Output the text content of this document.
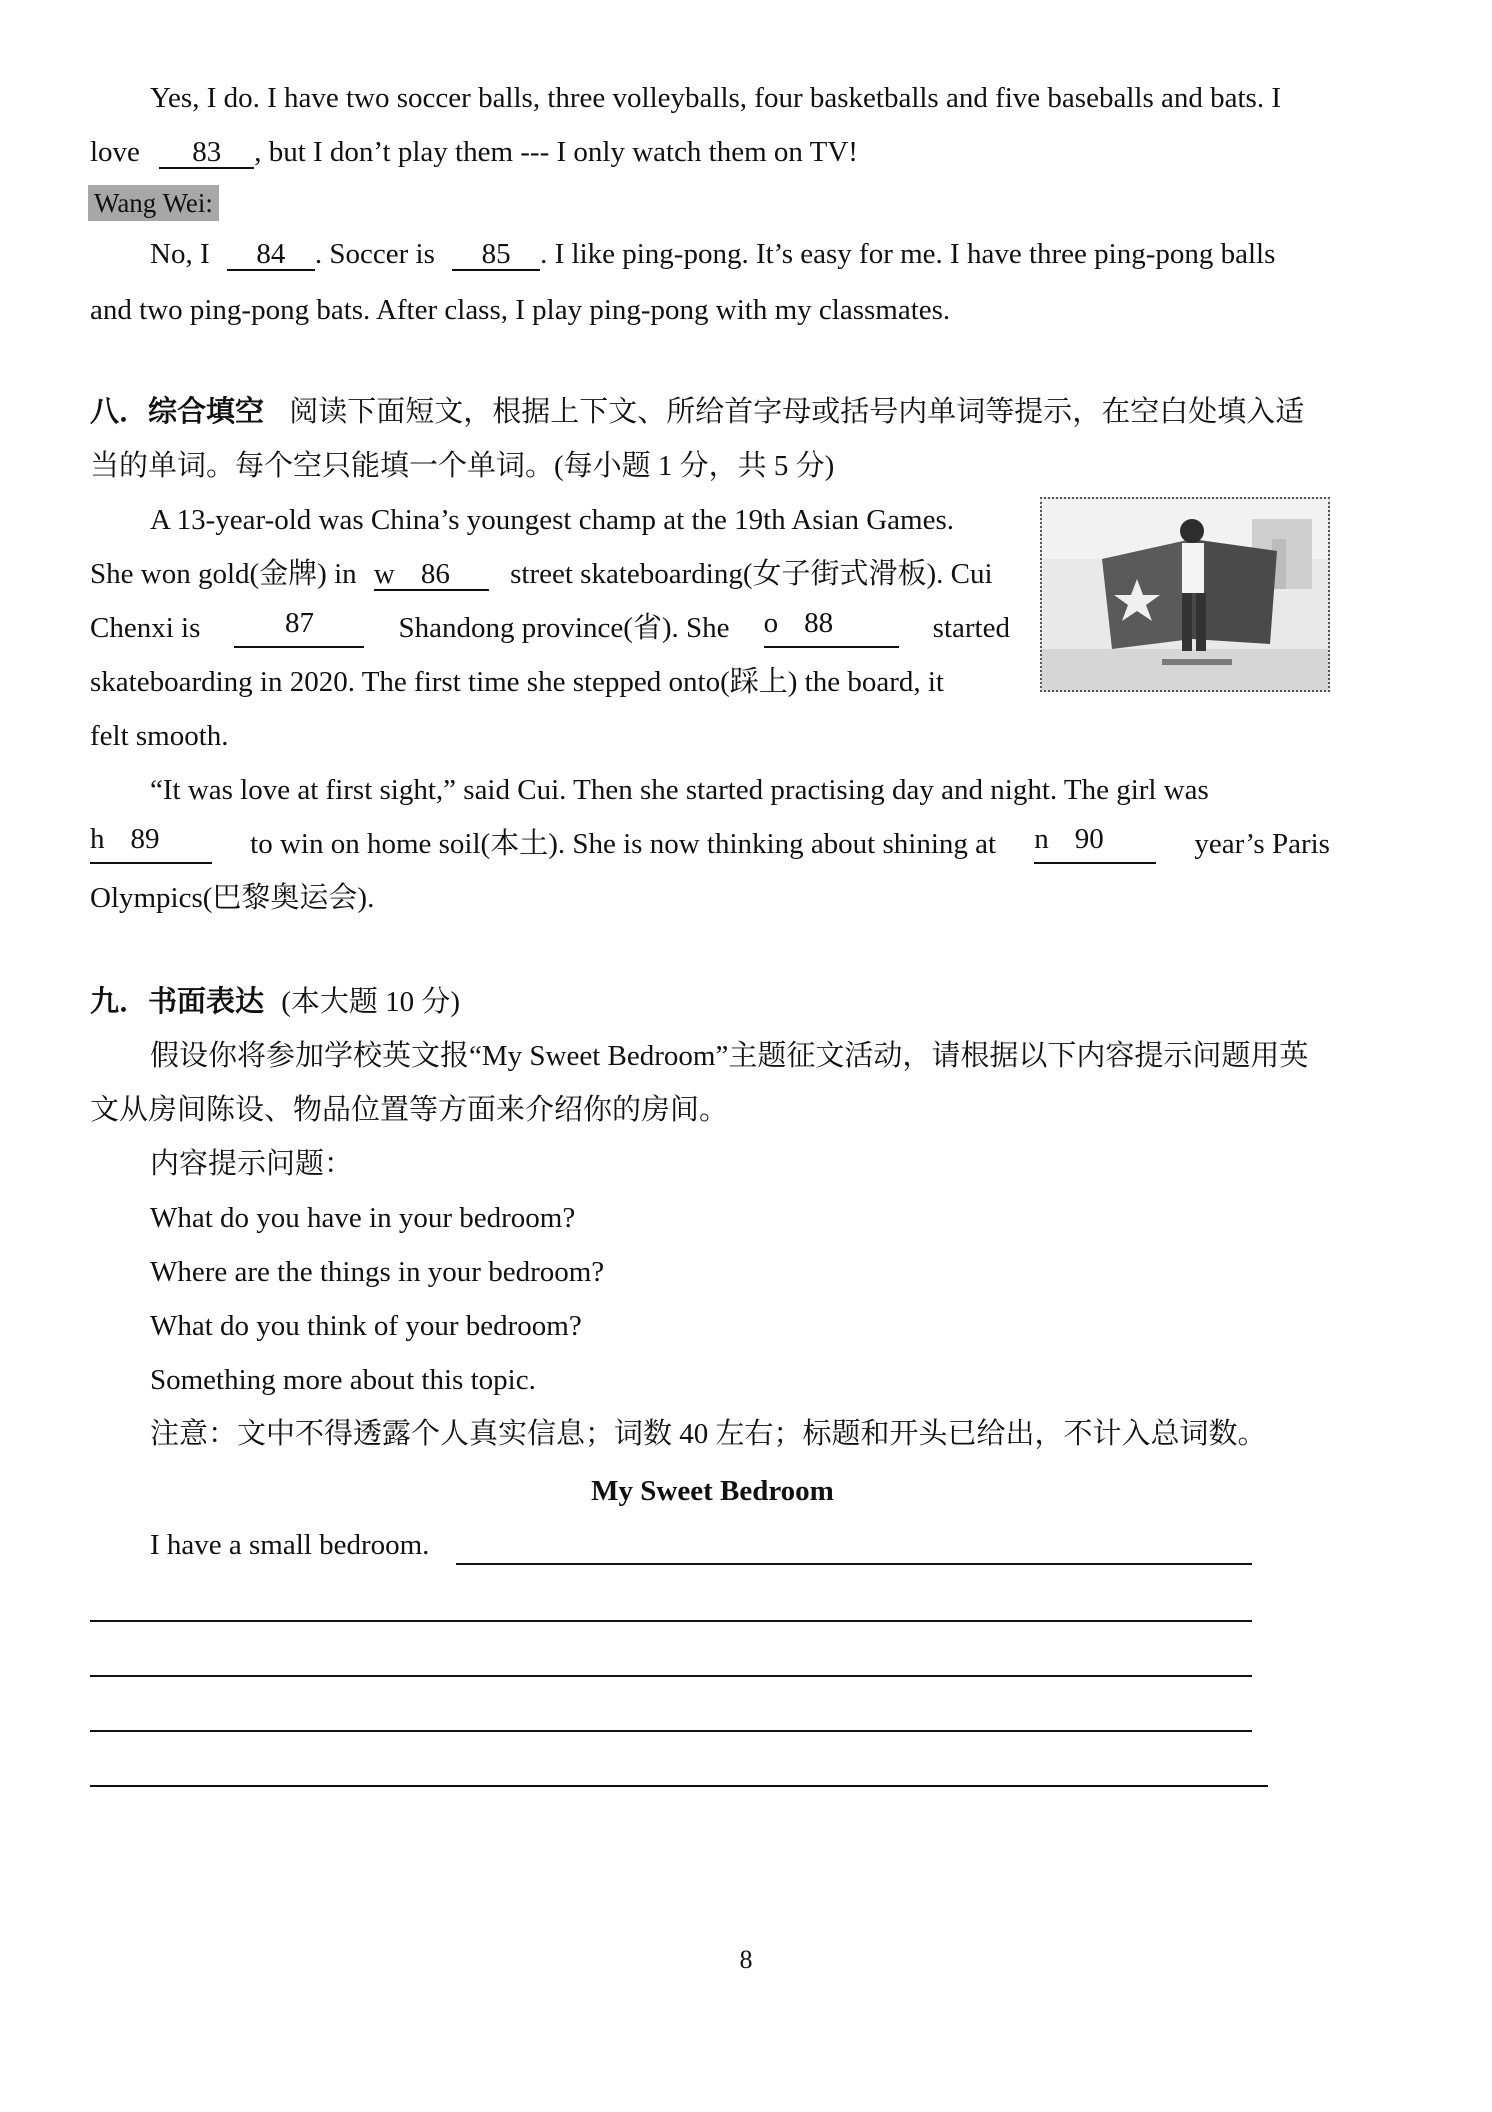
Yes, I do. I have two soccer balls, three volleyballs, four basketballs and five baseballs and bats. I
love 83 , but I don’t play them --- I only watch them on TV!
Wang Wei:
No, I 84 . Soccer is 85 . I like ping-pong. It’s easy for me. I have three ping-pong balls
and two ping-pong bats. After class, I play ping-pong with my classmates.
八．综合填空 阅读下面短文，根据上下文、所给首字母或括号内单词等提示，在空白处填入适
当的单词。每个空只能填一个单词。(每小题 1 分，共 5 分)
A 13-year-old was China’s youngest champ at the 19th Asian Games.
She won gold(金牌) in w 86 street skateboarding(女子街式滑板). Cui
Chenxi is	87	Shandong province(省). She o 88	started
skateboarding in 2020. The first time she stepped onto(踩上) the board, it
felt smooth.
“It was love at first sight,” said Cui. Then she started practising day and night. The girl was
h 89	to win on home soil(本土). She is now thinking about shining at n 90	year’s Paris
Olympics(巴黎奥运会).
九．书面表达 (本大题 10 分)
假设你将参加学校英文报“My Sweet Bedroom”主题征文活动，请根据以下内容提示问题用英
文从房间陈设、物品位置等方面来介绍你的房间。
内容提示问题：
What do you have in your bedroom?
Where are the things in your bedroom?
What do you think of your bedroom?
Something more about this topic.
注意：文中不得透露个人真实信息；词数 40 左右；标题和开头已给出，不计入总词数。
My Sweet Bedroom
I have a small bedroom.
8
